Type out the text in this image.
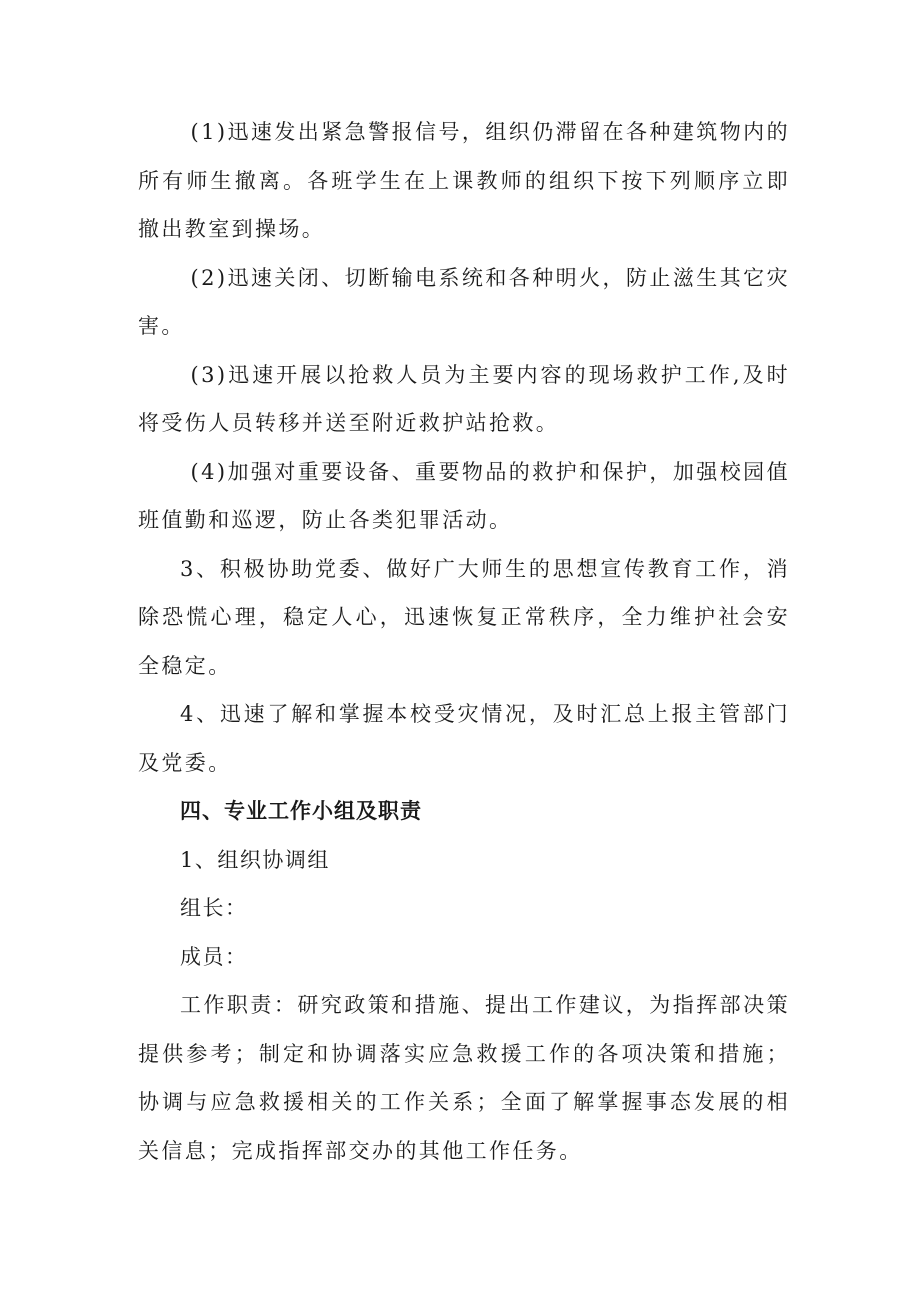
(1)迅速发出紧急警报信号，组织仍滞留在各种建筑物内的所有师生撤离。各班学生在上课教师的组织下按下列顺序立即撤出教室到操场。

(2)迅速关闭、切断输电系统和各种明火，防止滋生其它灾害。

(3)迅速开展以抢救人员为主要内容的现场救护工作,及时将受伤人员转移并送至附近救护站抢救。

(4)加强对重要设备、重要物品的救护和保护，加强校园值班值勤和巡逻，防止各类犯罪活动。

3、积极协助党委、做好广大师生的思想宣传教育工作，消除恐慌心理，稳定人心，迅速恢复正常秩序，全力维护社会安全稳定。

4、迅速了解和掌握本校受灾情况，及时汇总上报主管部门及党委。

四、专业工作小组及职责

1、组织协调组

组长：

成员：

工作职责：研究政策和措施、提出工作建议，为指挥部决策提供参考；制定和协调落实应急救援工作的各项决策和措施；协调与应急救援相关的工作关系；全面了解掌握事态发展的相关信息；完成指挥部交办的其他工作任务。
